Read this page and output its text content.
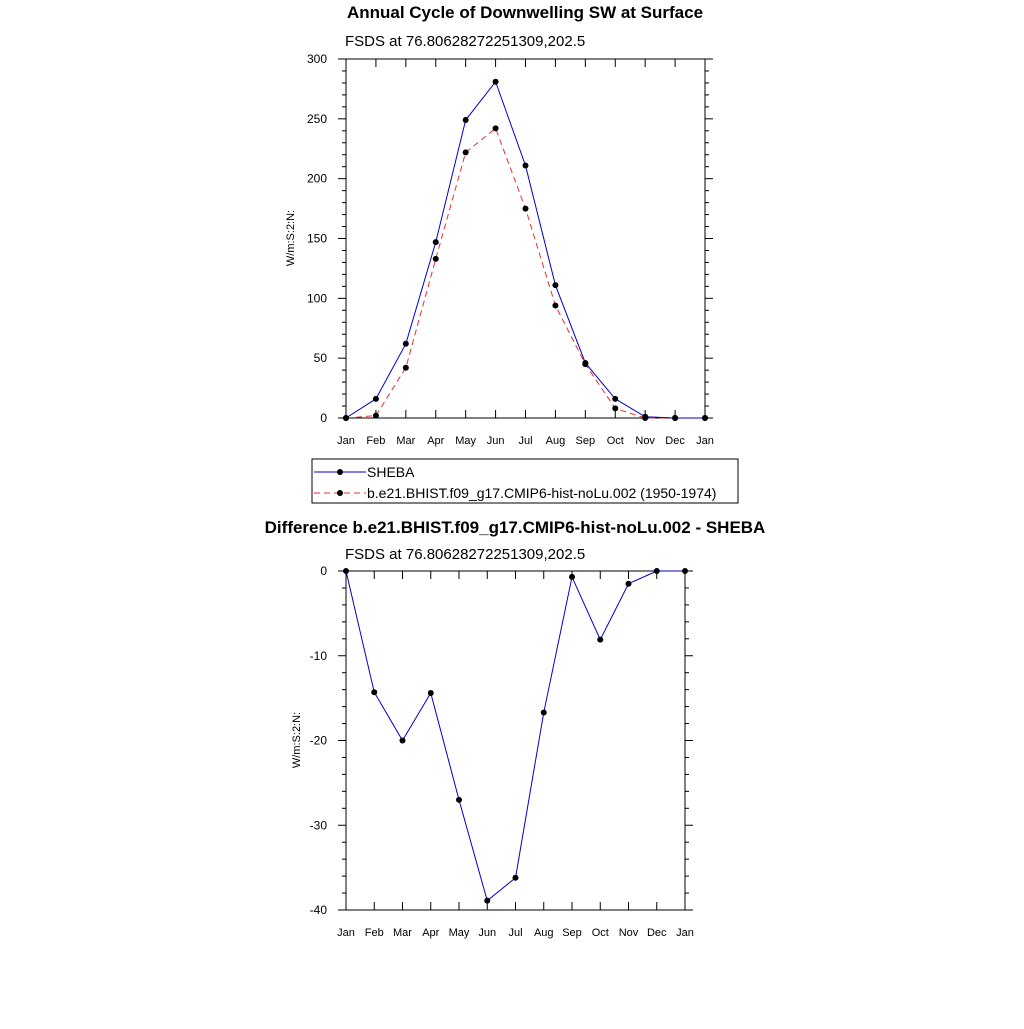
Annual Cycle of Downwelling SW at Surface
FSDS at 76.80628272251309,202.5
W/m:S:2:N:
Jan Feb Mar Apr May Jun Jul Aug Sep Oct Nov Dec Jan
0
50
100
150
200
250
300
SHEBA
b.e21.BHIST.f09_g17.CMIP6-hist-noLu.002 (1950-1974)
Difference b.e21.BHIST.f09_g17.CMIP6-hist-noLu.002 - SHEBA
FSDS at 76.80628272251309,202.5
W/m:S:2:N:
Jan Feb Mar Apr May Jun Jul Aug Sep Oct Nov Dec Jan
-40
-30
-20
-10
0
